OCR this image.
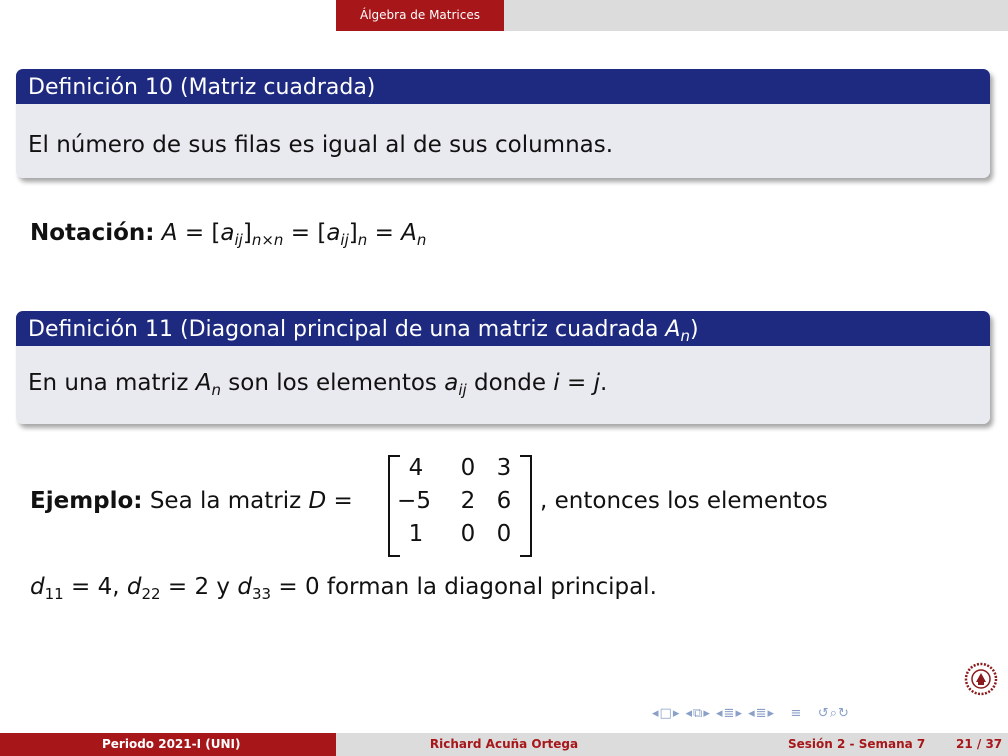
Álgebra de Matrices
Definición 10 (Matriz cuadrada)
El número de sus filas es igual al de sus columnas.
Notación: $A = [a_{ij}]_{n\times n} = [a_{ij}]_n = A_n$
Definición 11 (Diagonal principal de una matriz cuadrada $A_n$)
En una matriz $A_n$ son los elementos $a_{ij}$ donde i = j.
Ejemplo: Sea la matriz D =
4	0 3
−5	2 6
1	0 0
, entonces los elementos
$d_{11} = 4$, $d_{22} = 2$ y $d_{33} = 0$ forman la diagonal principal.
◂□▸ ◂⧉▸ ◂≣▸ ◂≣▸ ≡ ↺⌕↻
Periodo 2021-I (UNI)	Richard Acuña Ortega	Sesión 2 - Semana 7	21 / 37
